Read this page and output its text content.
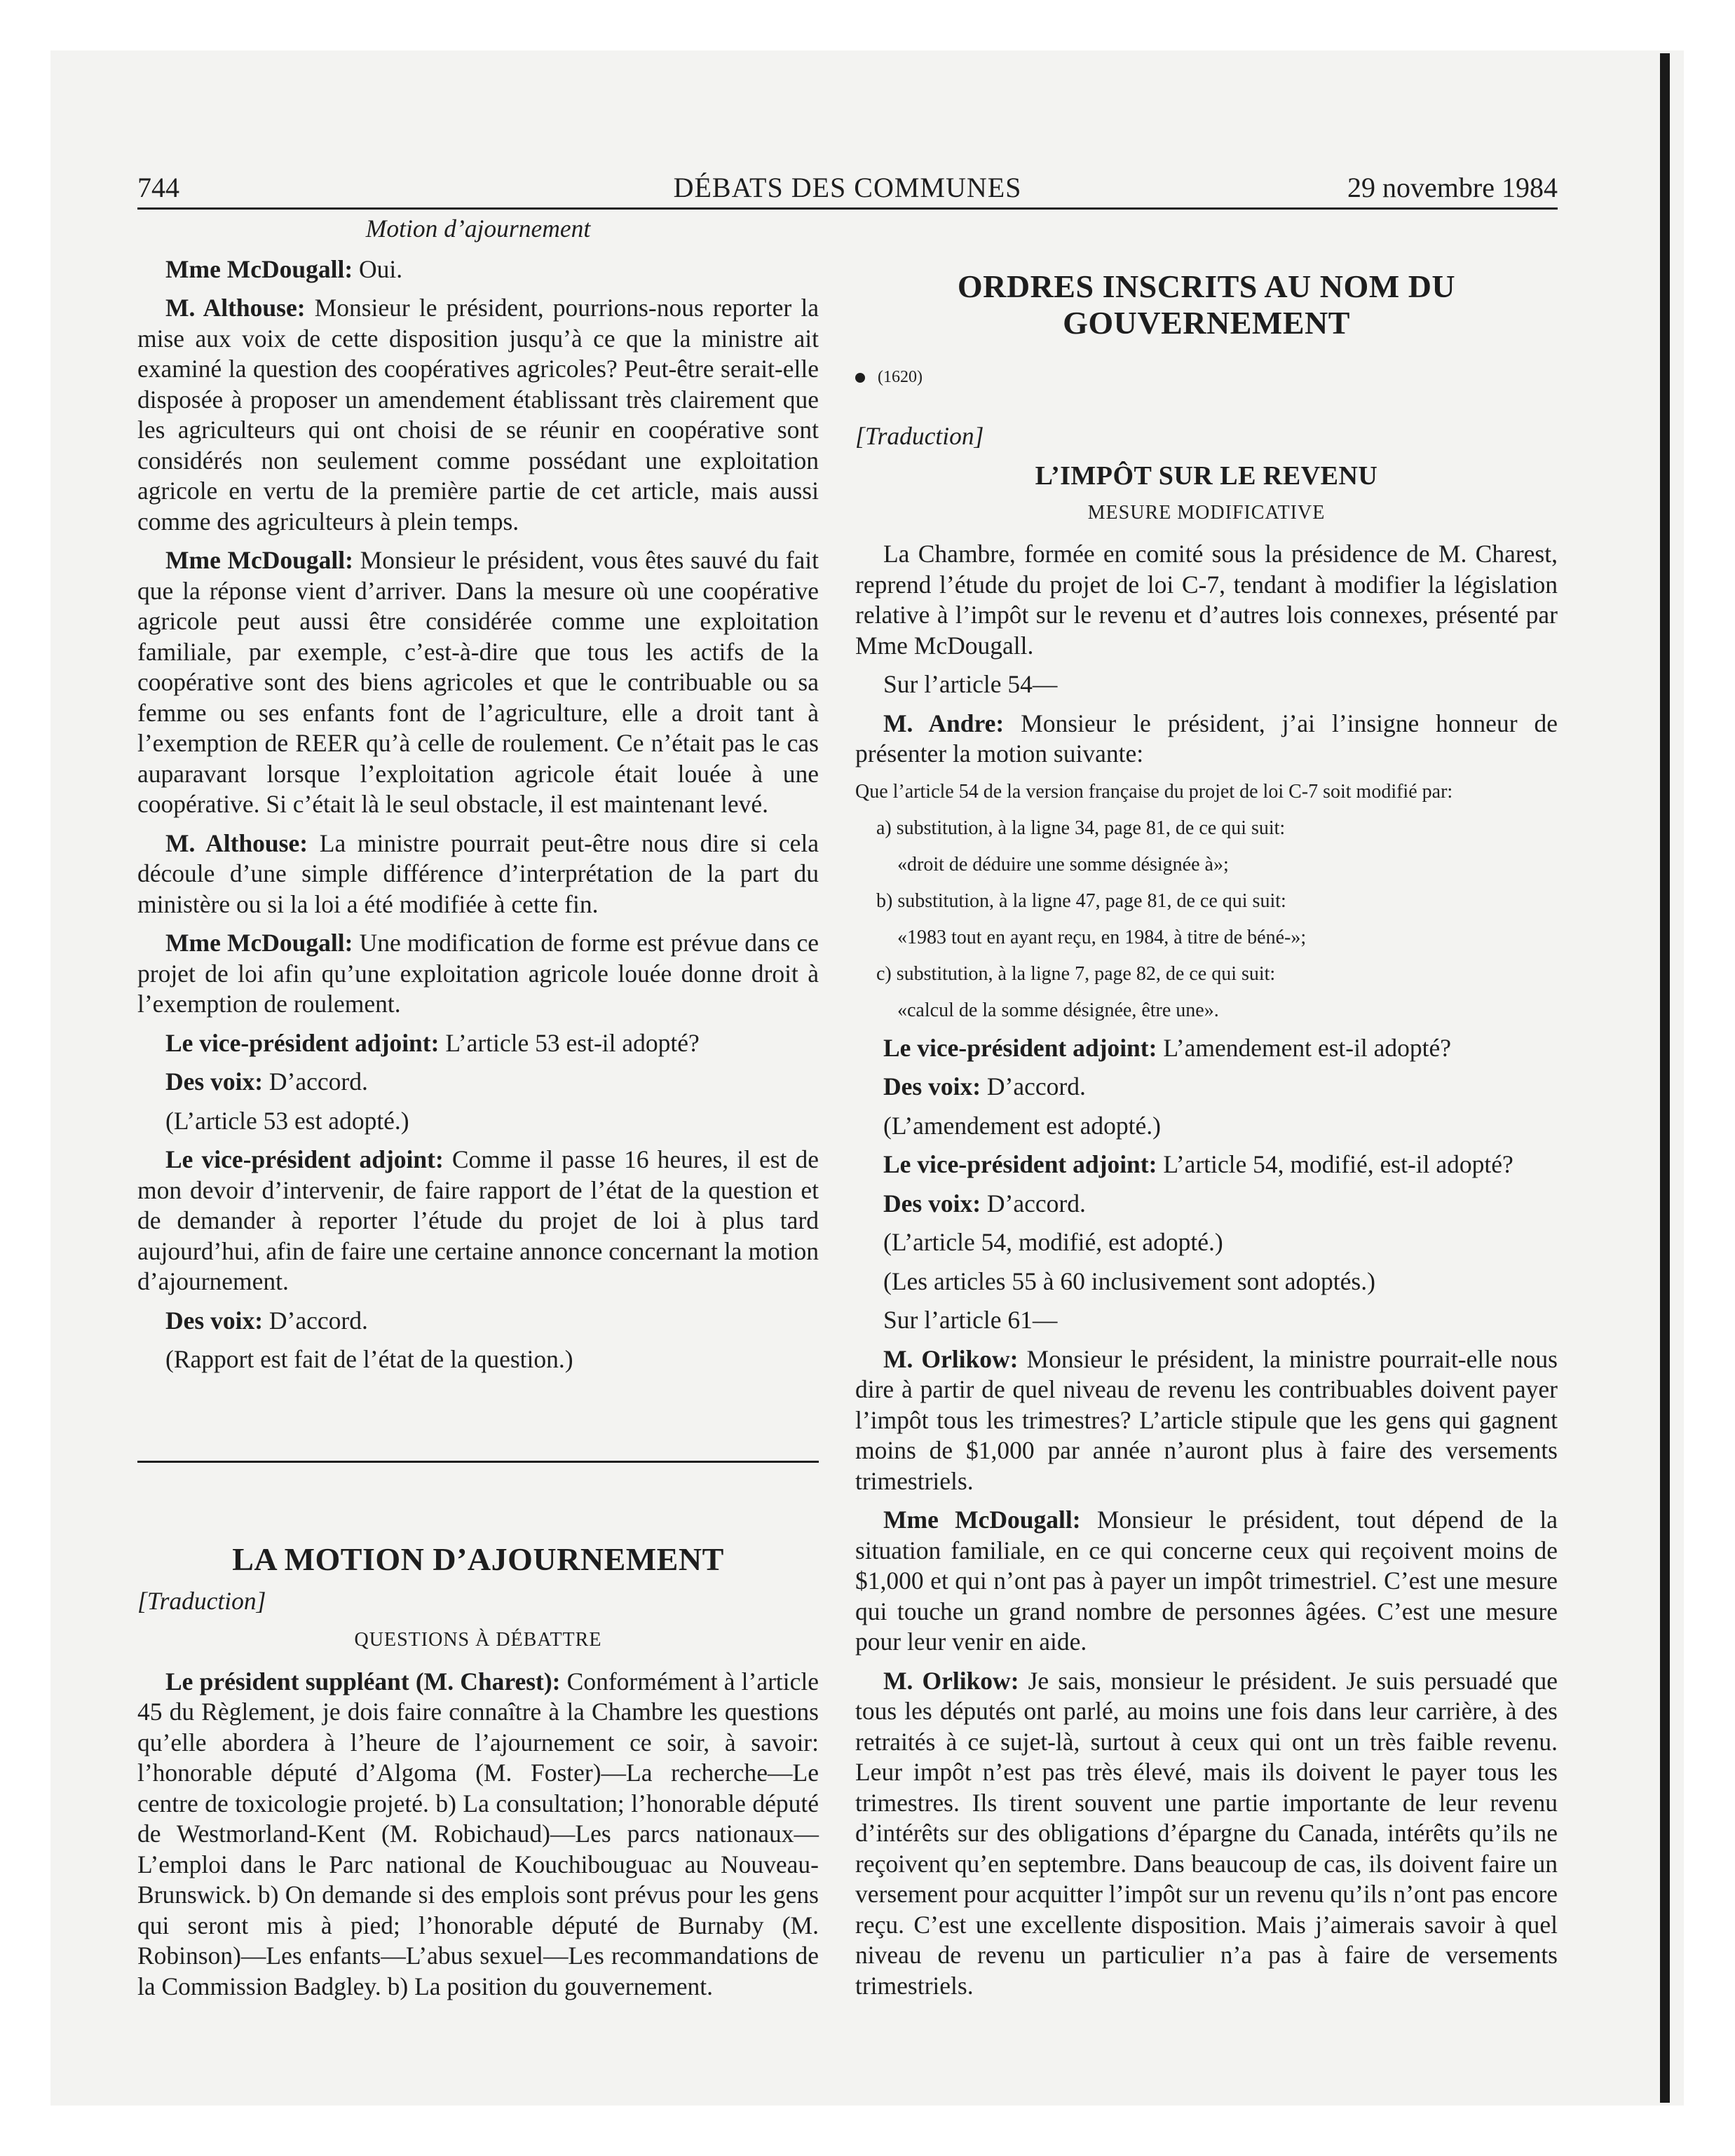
744	DÉBATS DES COMMUNES	29 novembre 1984

Motion d’ajournement

Mme McDougall: Oui.

M. Althouse: Monsieur le président, pourrions-nous reporter la mise aux voix de cette disposition jusqu’à ce que la ministre ait examiné la question des coopératives agricoles? Peut-être serait-elle disposée à proposer un amendement établissant très clairement que les agriculteurs qui ont choisi de se réunir en coopérative sont considérés non seulement comme possédant une exploitation agricole en vertu de la première partie de cet article, mais aussi comme des agriculteurs à plein temps.

Mme McDougall: Monsieur le président, vous êtes sauvé du fait que la réponse vient d’arriver. Dans la mesure où une coopérative agricole peut aussi être considérée comme une exploitation familiale, par exemple, c’est-à-dire que tous les actifs de la coopérative sont des biens agricoles et que le contribuable ou sa femme ou ses enfants font de l’agriculture, elle a droit tant à l’exemption de REER qu’à celle de roulement. Ce n’était pas le cas auparavant lorsque l’exploitation agricole était louée à une coopérative. Si c’était là le seul obstacle, il est maintenant levé.

M. Althouse: La ministre pourrait peut-être nous dire si cela découle d’une simple différence d’interprétation de la part du ministère ou si la loi a été modifiée à cette fin.

Mme McDougall: Une modification de forme est prévue dans ce projet de loi afin qu’une exploitation agricole louée donne droit à l’exemption de roulement.

Le vice-président adjoint: L’article 53 est-il adopté?

Des voix: D’accord.

(L’article 53 est adopté.)

Le vice-président adjoint: Comme il passe 16 heures, il est de mon devoir d’intervenir, de faire rapport de l’état de la question et de demander à reporter l’étude du projet de loi à plus tard aujourd’hui, afin de faire une certaine annonce concernant la motion d’ajournement.

Des voix: D’accord.

(Rapport est fait de l’état de la question.)

LA MOTION D’AJOURNEMENT

[Traduction]

QUESTIONS À DÉBATTRE

Le président suppléant (M. Charest): Conformément à l’article 45 du Règlement, je dois faire connaître à la Chambre les questions qu’elle abordera à l’heure de l’ajournement ce soir, à savoir: l’honorable député d’Algoma (M. Foster)—La recherche—Le centre de toxicologie projeté. b) La consultation; l’honorable député de Westmorland-Kent (M. Robichaud)—Les parcs nationaux—L’emploi dans le Parc national de Kouchibouguac au Nouveau-Brunswick. b) On demande si des emplois sont prévus pour les gens qui seront mis à pied; l’honorable député de Burnaby (M. Robinson)—Les enfants—L’abus sexuel—Les recommandations de la Commission Badgley. b) La position du gouvernement.

ORDRES INSCRITS AU NOM DU GOUVERNEMENT

(1620)

[Traduction]

L’IMPÔT SUR LE REVENU
MESURE MODIFICATIVE

La Chambre, formée en comité sous la présidence de M. Charest, reprend l’étude du projet de loi C-7, tendant à modifier la législation relative à l’impôt sur le revenu et d’autres lois connexes, présenté par Mme McDougall.

Sur l’article 54—

M. Andre: Monsieur le président, j’ai l’insigne honneur de présenter la motion suivante:

Que l’article 54 de la version française du projet de loi C-7 soit modifié par:

a) substitution, à la ligne 34, page 81, de ce qui suit:

«droit de déduire une somme désignée à»;

b) substitution, à la ligne 47, page 81, de ce qui suit:

«1983 tout en ayant reçu, en 1984, à titre de béné-»;

c) substitution, à la ligne 7, page 82, de ce qui suit:

«calcul de la somme désignée, être une».

Le vice-président adjoint: L’amendement est-il adopté?

Des voix: D’accord.

(L’amendement est adopté.)

Le vice-président adjoint: L’article 54, modifié, est-il adopté?

Des voix: D’accord.

(L’article 54, modifié, est adopté.)

(Les articles 55 à 60 inclusivement sont adoptés.)

Sur l’article 61—

M. Orlikow: Monsieur le président, la ministre pourrait-elle nous dire à partir de quel niveau de revenu les contribuables doivent payer l’impôt tous les trimestres? L’article stipule que les gens qui gagnent moins de $1,000 par année n’auront plus à faire des versements trimestriels.

Mme McDougall: Monsieur le président, tout dépend de la situation familiale, en ce qui concerne ceux qui reçoivent moins de $1,000 et qui n’ont pas à payer un impôt trimestriel. C’est une mesure qui touche un grand nombre de personnes âgées. C’est une mesure pour leur venir en aide.

M. Orlikow: Je sais, monsieur le président. Je suis persuadé que tous les députés ont parlé, au moins une fois dans leur carrière, à des retraités à ce sujet-là, surtout à ceux qui ont un très faible revenu. Leur impôt n’est pas très élevé, mais ils doivent le payer tous les trimestres. Ils tirent souvent une partie importante de leur revenu d’intérêts sur des obligations d’épargne du Canada, intérêts qu’ils ne reçoivent qu’en septembre. Dans beaucoup de cas, ils doivent faire un versement pour acquitter l’impôt sur un revenu qu’ils n’ont pas encore reçu. C’est une excellente disposition. Mais j’aimerais savoir à quel niveau de revenu un particulier n’a pas à faire de versements trimestriels.
